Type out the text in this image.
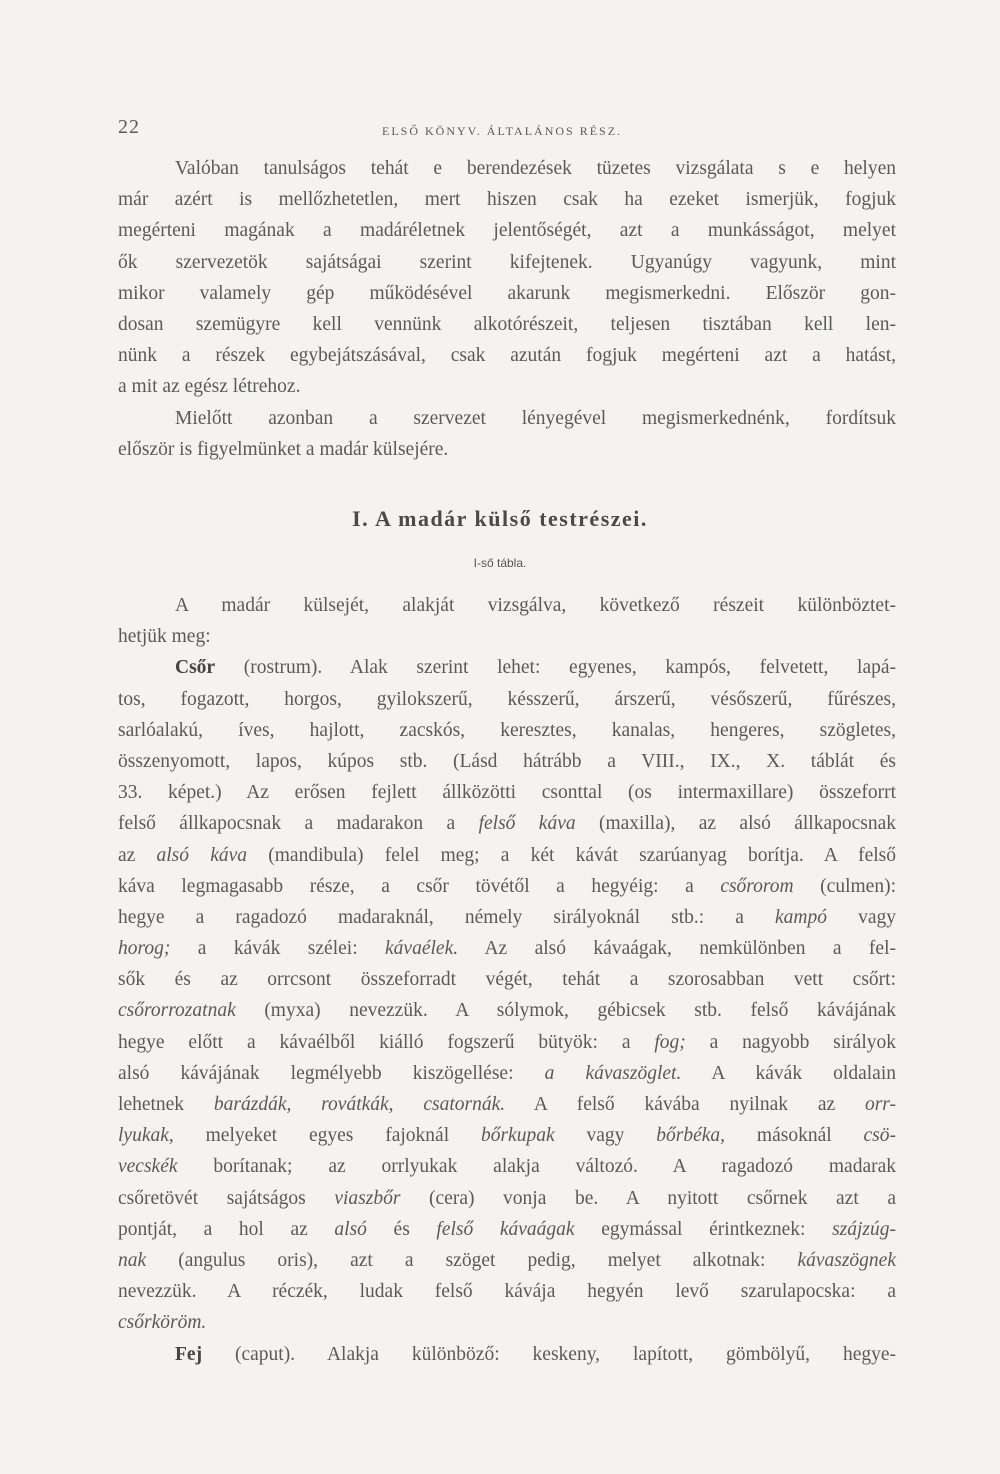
22	ELSŐ KÖNYV. ÁLTALÁNOS RÉSZ.
Valóban tanulságos tehát e berendezések tüzetes vizsgálata s e helyen
már azért is mellőzhetetlen, mert hiszen csak ha ezeket ismerjük, fogjuk
megérteni magának a madáréletnek jelentőségét, azt a munkásságot, melyet
ők szervezetök sajátságai szerint kifejtenek. Ugyanúgy vagyunk, mint
mikor valamely gép működésével akarunk megismerkedni. Először gon-
dosan szemügyre kell vennünk alkotórészeit, teljesen tisztában kell len-
nünk a részek egybejátszásával, csak azután fogjuk megérteni azt a hatást,
a mit az egész létrehoz.
Mielőtt azonban a szervezet lényegével megismerkednénk, fordítsuk
először is figyelmünket a madár külsejére.
I. A madár külső testrészei.
I-ső tábla.
A madár külsejét, alakját vizsgálva, következő részeit különböztet-
hetjük meg:
Csőr (rostrum). Alak szerint lehet: egyenes, kampós, felvetett, lapá-
tos, fogazott, horgos, gyilokszerű, késszerű, árszerű, vésőszerű, fűrészes,
sarlóalakú, íves, hajlott, zacskós, keresztes, kanalas, hengeres, szögletes,
összenyomott, lapos, kúpos stb. (Lásd hátrább a VIII., IX., X. táblát és
33. képet.) Az erősen fejlett állközötti csonttal (os intermaxillare) összeforrt
felső állkapocsnak a madarakon a felső káva (maxilla), az alsó állkapocsnak
az alsó káva (mandibula) felel meg; a két kávát szarúanyag borítja. A felső
káva legmagasabb része, a csőr tövétől a hegyéig: a csőrorom (culmen):
hegye a ragadozó madaraknál, némely sirályoknál stb.: a kampó vagy
horog; a kávák szélei: kávaélek. Az alsó kávaágak, nemkülönben a fel-
sők és az orrcsont összeforradt végét, tehát a szorosabban vett csőrt:
csőrorrozatnak (myxa) nevezzük. A sólymok, gébicsek stb. felső kávájának
hegye előtt a kávaélből kiálló fogszerű bütyök: a fog; a nagyobb sirályok
alsó kávájának legmélyebb kiszögellése: a kávaszöglet. A kávák oldalain
lehetnek barázdák, rovátkák, csatornák. A felső kávába nyilnak az orr-
lyukak, melyeket egyes fajoknál bőrkupak vagy bőrbéka, másoknál csö-
vecskék borítanak; az orrlyukak alakja változó. A ragadozó madarak
csőretövét sajátságos viaszbőr (cera) vonja be. A nyitott csőrnek azt a
pontját, a hol az alsó és felső kávaágak egymással érintkeznek: szájzúg-
nak (angulus oris), azt a szöget pedig, melyet alkotnak: kávaszögnek
nevezzük. A réczék, ludak felső kávája hegyén levő szarulapocska: a
csőrköröm.
Fej (caput). Alakja különböző: keskeny, lapított, gömbölyű, hegye-
